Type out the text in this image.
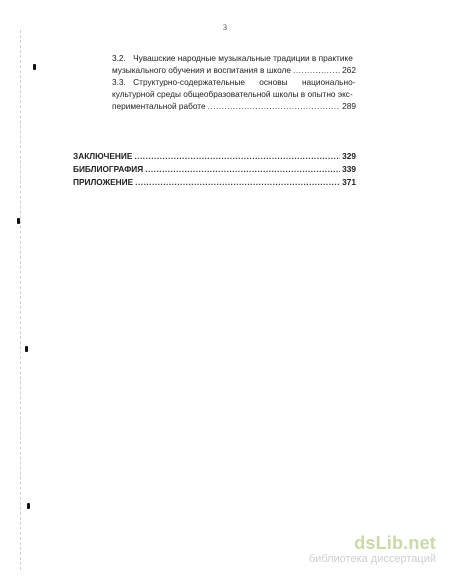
3
3.2. Чувашские народные музыкальные традиции в практике
музыкального обучения и воспитания в школе .....	262
3.3. Структурно-содержательные основы национально-
культурной среды общеобразовательной школы в опытно экс-
периментальной работе .....	289
ЗАКЛЮЧЕНИЕ .....	329
БИБЛИОГРАФИЯ .....	339
ПРИЛОЖЕНИЕ .....	371
dsLib.net
библиотека диссертаций
